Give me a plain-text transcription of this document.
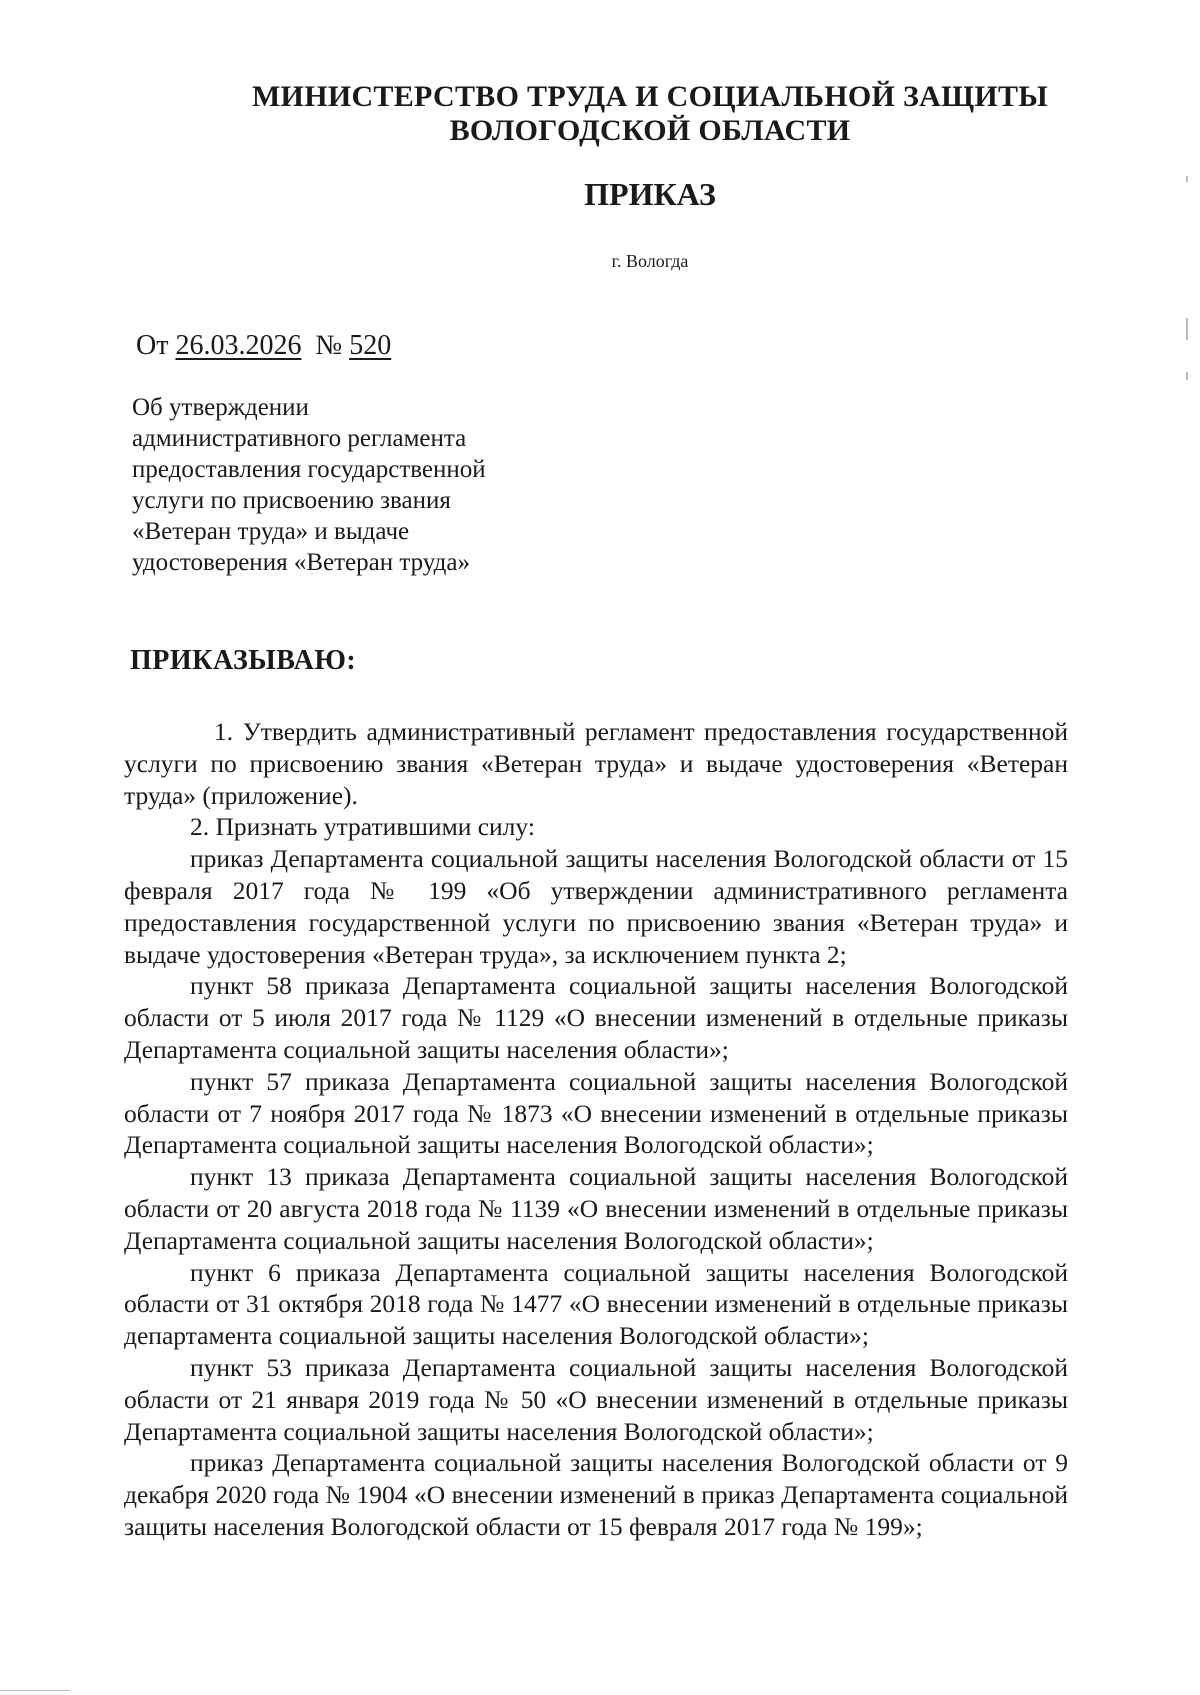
МИНИСТЕРСТВО ТРУДА И СОЦИАЛЬНОЙ ЗАЩИТЫ
ВОЛОГОДСКОЙ ОБЛАСТИ
ПРИКАЗ
г. Вологда
От 26.03.2026 № 520
Об утверждении
административного регламента
предоставления государственной
услуги по присвоению звания
«Ветеран труда» и выдаче
удостоверения «Ветеран труда»
ПРИКАЗЫВАЮ:

1. Утвердить административный регламент предоставления государственной услуги по присвоению звания «Ветеран труда» и выдаче удостоверения «Ветеран труда» (приложение).

2. Признать утратившими силу:

приказ Департамента социальной защиты населения Вологодской области от 15 февраля 2017 года № 199 «Об утверждении административного регламента предоставления государственной услуги по присвоению звания «Ветеран труда» и выдаче удостоверения «Ветеран труда», за исключением пункта 2;

пункт 58 приказа Департамента социальной защиты населения Вологодской области от 5 июля 2017 года № 1129 «О внесении изменений в отдельные приказы Департамента социальной защиты населения области»;

пункт 57 приказа Департамента социальной защиты населения Вологодской области от 7 ноября 2017 года № 1873 «О внесении изменений в отдельные приказы Департамента социальной защиты населения Вологодской области»;

пункт 13 приказа Департамента социальной защиты населения Вологодской области от 20 августа 2018 года № 1139 «О внесении изменений в отдельные приказы Департамента социальной защиты населения Вологодской области»;

пункт 6 приказа Департамента социальной защиты населения Вологодской области от 31 октября 2018 года № 1477 «О внесении изменений в отдельные приказы департамента социальной защиты населения Вологодской области»;

пункт 53 приказа Департамента социальной защиты населения Вологодской области от 21 января 2019 года № 50 «О внесении изменений в отдельные приказы Департамента социальной защиты населения Вологодской области»;

приказ Департамента социальной защиты населения Вологодской области от 9 декабря 2020 года № 1904 «О внесении изменений в приказ Департамента социальной защиты населения Вологодской области от 15 февраля 2017 года № 199»;
